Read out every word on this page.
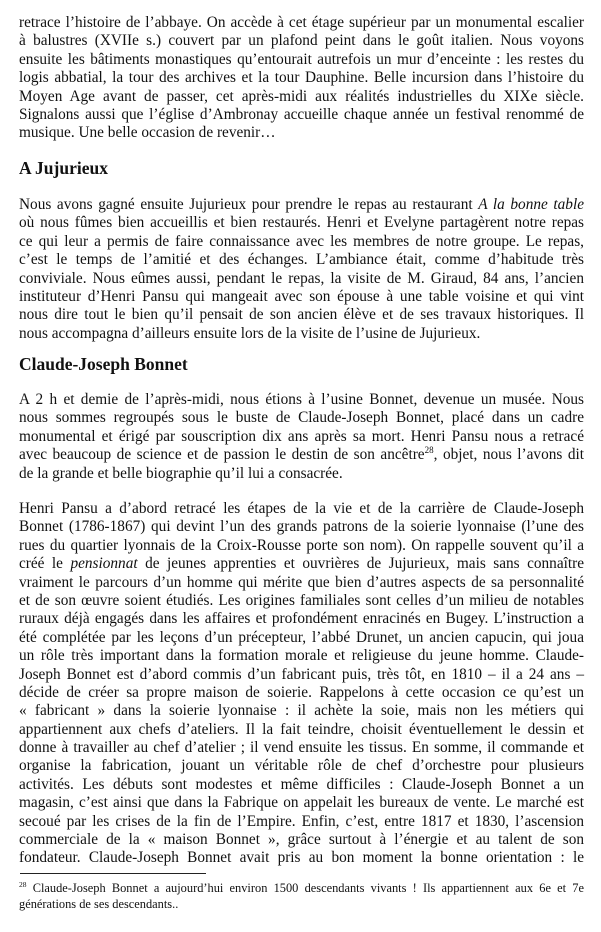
retrace l’histoire de l’abbaye. On accède à cet étage supérieur par un monumental escalier
à balustres (XVIIe s.) couvert par un plafond peint dans le goût italien. Nous voyons
ensuite les bâtiments monastiques qu’entourait autrefois un mur d’enceinte : les restes du
logis abbatial, la tour des archives et la tour Dauphine. Belle incursion dans l’histoire du
Moyen Age avant de passer, cet après-midi aux réalités industrielles du XIXe siècle.
Signalons aussi que l’église d’Ambronay accueille chaque année un festival renommé de
musique. Une belle occasion de revenir…
A Jujurieux
Nous avons gagné ensuite Jujurieux pour prendre le repas au restaurant A la bonne table
où nous fûmes bien accueillis et bien restaurés. Henri et Evelyne partagèrent notre repas
ce qui leur a permis de faire connaissance avec les membres de notre groupe. Le repas,
c’est le temps de l’amitié et des échanges. L’ambiance était, comme d’habitude très
conviviale. Nous eûmes aussi, pendant le repas, la visite de M. Giraud, 84 ans, l’ancien
instituteur d’Henri Pansu qui mangeait avec son épouse à une table voisine et qui vint
nous dire tout le bien qu’il pensait de son ancien élève et de ses travaux historiques. Il
nous accompagna d’ailleurs ensuite lors de la visite de l’usine de Jujurieux.
Claude-Joseph Bonnet
A 2 h et demie de l’après-midi, nous étions à l’usine Bonnet, devenue un musée. Nous
nous sommes regroupés sous le buste de Claude-Joseph Bonnet, placé dans un cadre
monumental et érigé par souscription dix ans après sa mort. Henri Pansu nous a retracé
avec beaucoup de science et de passion le destin de son ancêtre$^{28}$, objet, nous l’avons dit
de la grande et belle biographie qu’il lui a consacrée.
Henri Pansu a d’abord retracé les étapes de la vie et de la carrière de Claude-Joseph
Bonnet (1786-1867) qui devint l’un des grands patrons de la soierie lyonnaise (l’une des
rues du quartier lyonnais de la Croix-Rousse porte son nom). On rappelle souvent qu’il a
créé le pensionnat de jeunes apprenties et ouvrières de Jujurieux, mais sans connaître
vraiment le parcours d’un homme qui mérite que bien d’autres aspects de sa personnalité
et de son œuvre soient étudiés. Les origines familiales sont celles d’un milieu de notables
ruraux déjà engagés dans les affaires et profondément enracinés en Bugey. L’instruction a
été complétée par les leçons d’un précepteur, l’abbé Drunet, un ancien capucin, qui joua
un rôle très important dans la formation morale et religieuse du jeune homme. Claude-
Joseph Bonnet est d’abord commis d’un fabricant puis, très tôt, en 1810 – il a 24 ans –
décide de créer sa propre maison de soierie. Rappelons à cette occasion ce qu’est un
« fabricant » dans la soierie lyonnaise : il achète la soie, mais non les métiers qui
appartiennent aux chefs d’ateliers. Il la fait teindre, choisit éventuellement le dessin et
donne à travailler au chef d’atelier ; il vend ensuite les tissus. En somme, il commande et
organise la fabrication, jouant un véritable rôle de chef d’orchestre pour plusieurs
activités. Les débuts sont modestes et même difficiles : Claude-Joseph Bonnet a un
magasin, c’est ainsi que dans la Fabrique on appelait les bureaux de vente. Le marché est
secoué par les crises de la fin de l’Empire. Enfin, c’est, entre 1817 et 1830, l’ascension
commerciale de la « maison Bonnet », grâce surtout à l’énergie et au talent de son
fondateur. Claude-Joseph Bonnet avait pris au bon moment la bonne orientation : le
$^{28}$ Claude-Joseph Bonnet a aujourd’hui environ 1500 descendants vivants ! Ils appartiennent aux 6e et 7e
générations de ses descendants..
